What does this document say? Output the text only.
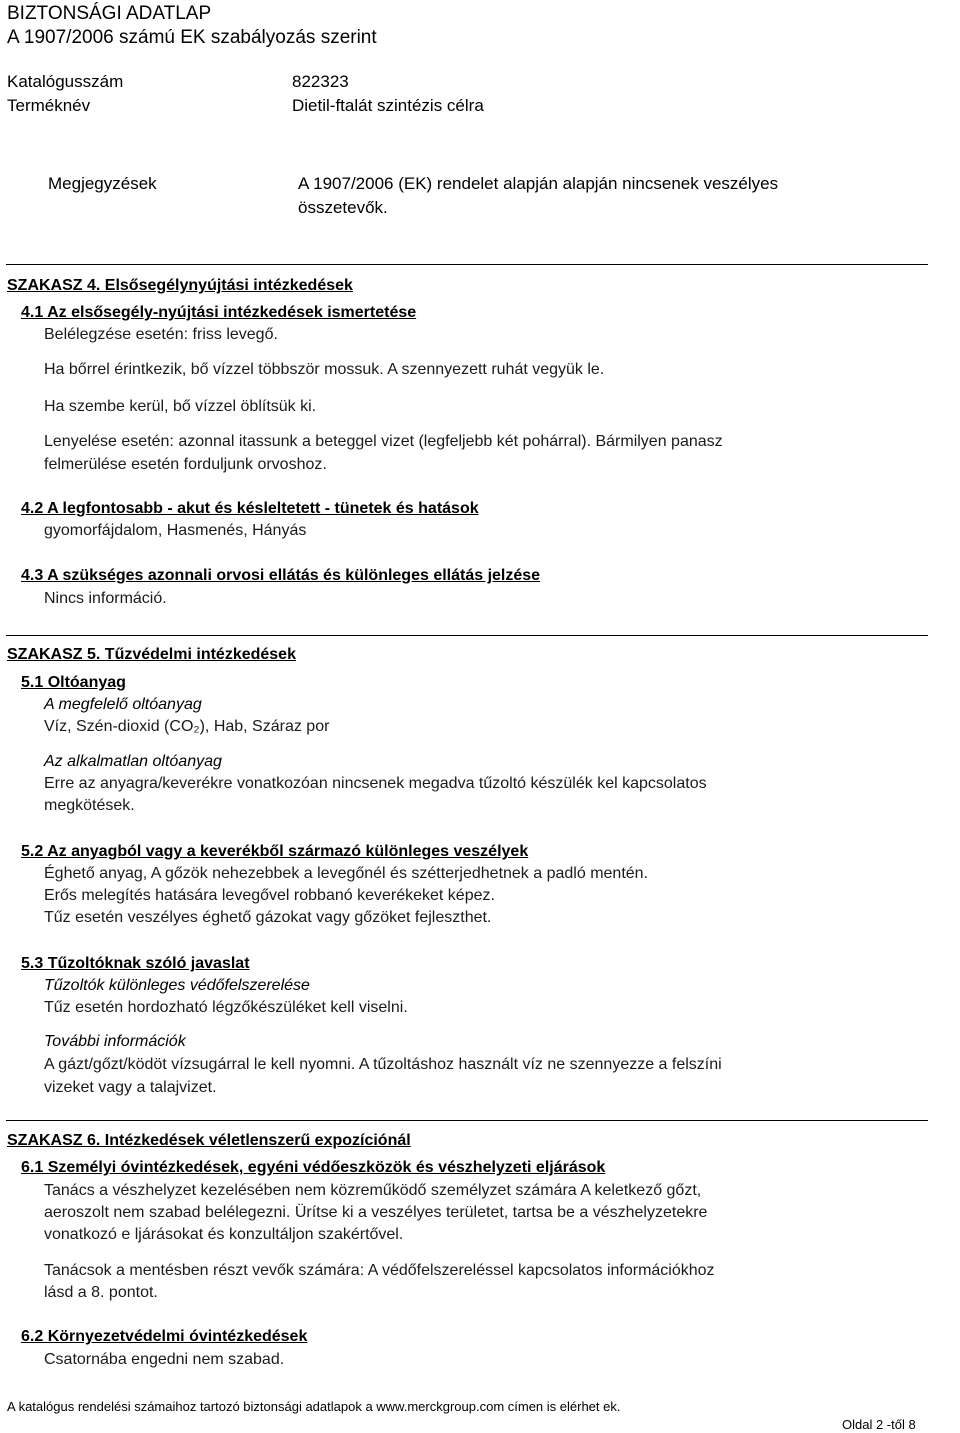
BIZTONSÁGI ADATLAP
A 1907/2006 számú EK szabályozás szerint
Katalógusszám	822323
Terméknév	Dietil-ftalát szintézis célra
Megjegyzések	A 1907/2006 (EK) rendelet alapján alapján nincsenek veszélyes
összetevők.
SZAKASZ 4. Elsősegélynyújtási intézkedések
4.1 Az elsősegély-nyújtási intézkedések ismertetése
Belélegzése esetén: friss levegő.
Ha bőrrel érintkezik, bő vízzel többször mossuk. A szennyezett ruhát vegyük le.
Ha szembe kerül, bő vízzel öblítsük ki.
Lenyelése esetén: azonnal itassunk a beteggel vizet (legfeljebb két pohárral). Bármilyen panasz
felmerülése esetén forduljunk orvoshoz.
4.2 A legfontosabb - akut és késleltetett - tünetek és hatások
gyomorfájdalom, Hasmenés, Hányás
4.3 A szükséges azonnali orvosi ellátás és különleges ellátás jelzése
Nincs információ.
SZAKASZ 5. Tűzvédelmi intézkedések
5.1 Oltóanyag
A megfelelő oltóanyag
Víz, Szén-dioxid (CO₂), Hab, Száraz por
Az alkalmatlan oltóanyag
Erre az anyagra/keverékre vonatkozóan nincsenek megadva tűzoltó készülék kel kapcsolatos
megkötések.
5.2 Az anyagból vagy a keverékből származó különleges veszélyek
Éghető anyag, A gőzök nehezebbek a levegőnél és szétterjedhetnek a padló mentén.
Erős melegítés hatására levegővel robbanó keverékeket képez.
Tűz esetén veszélyes éghető gázokat vagy gőzöket fejleszthet.
5.3 Tűzoltóknak szóló javaslat
Tűzoltók különleges védőfelszerelése
Tűz esetén hordozható légzőkészüléket kell viselni.
További információk
A gázt/gőzt/ködöt vízsugárral le kell nyomni. A tűzoltáshoz használt víz ne szennyezze a felszíni
vizeket vagy a talajvizet.
SZAKASZ 6. Intézkedések véletlenszerű expozíciónál
6.1 Személyi óvintézkedések, egyéni védőeszközök és vészhelyzeti eljárások
Tanács a vészhelyzet kezelésében nem közreműködő személyzet számára A keletkező gőzt,
aeroszolt nem szabad belélegezni. Ürítse ki a veszélyes területet, tartsa be a vészhelyzetekre
vonatkozó e ljárásokat és konzultáljon szakértővel.
Tanácsok a mentésben részt vevők számára: A védőfelszereléssel kapcsolatos információkhoz
lásd a 8. pontot.
6.2 Környezetvédelmi óvintézkedések
Csatornába engedni nem szabad.
A katalógus rendelési számaihoz tartozó biztonsági adatlapok a www.merckgroup.com címen is elérhet ek.
Oldal 2 -től 8
